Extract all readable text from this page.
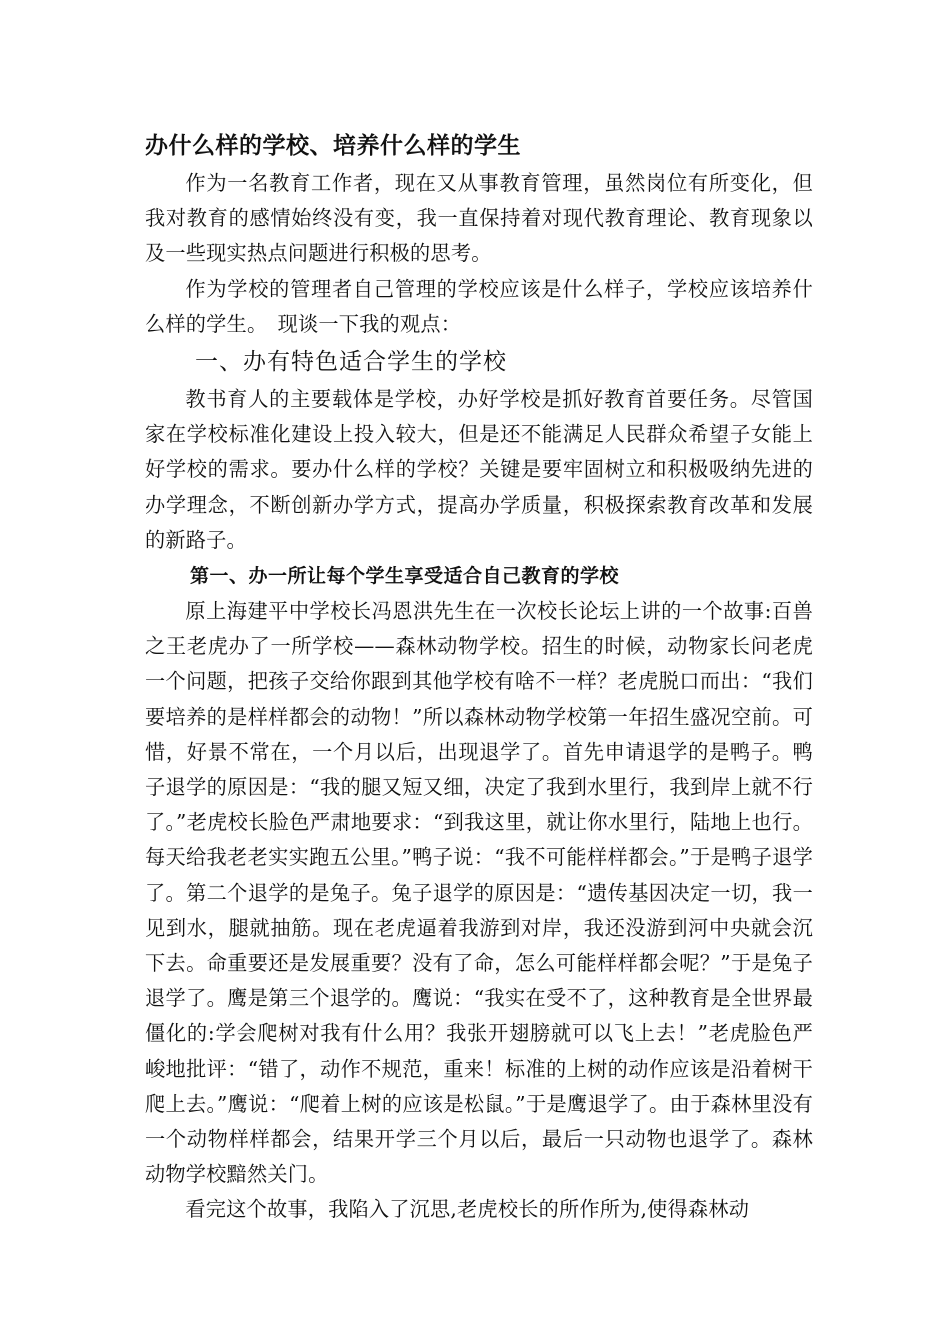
办什么样的学校、培养什么样的学生

作为一名教育工作者，现在又从事教育管理，虽然岗位有所变化，但我对教育的感情始终没有变，我一直保持着对现代教育理论、教育现象以及一些现实热点问题进行积极的思考。

作为学校的管理者自己管理的学校应该是什么样子，学校应该培养什么样的学生。　现谈一下我的观点：

一、办有特色适合学生的学校

教书育人的主要载体是学校，办好学校是抓好教育首要任务。尽管国家在学校标准化建设上投入较大，但是还不能满足人民群众希望子女能上好学校的需求。要办什么样的学校？关键是要牢固树立和积极吸纳先进的办学理念，不断创新办学方式，提高办学质量，积极探索教育改革和发展的新路子。

第一、办一所让每个学生享受适合自己教育的学校

原上海建平中学校长冯恩洪先生在一次校长论坛上讲的一个故事:百兽之王老虎办了一所学校——森林动物学校。招生的时候，动物家长问老虎一个问题，把孩子交给你跟到其他学校有啥不一样？老虎脱口而出：“我们要培养的是样样都会的动物！”所以森林动物学校第一年招生盛况空前。可惜，好景不常在，一个月以后，出现退学了。首先申请退学的是鸭子。鸭子退学的原因是：“我的腿又短又细，决定了我到水里行，我到岸上就不行了。”老虎校长脸色严肃地要求：“到我这里，就让你水里行，陆地上也行。每天给我老老实实跑五公里。”鸭子说：“我不可能样样都会。”于是鸭子退学了。第二个退学的是兔子。兔子退学的原因是：“遗传基因决定一切，我一见到水，腿就抽筋。现在老虎逼着我游到对岸，我还没游到河中央就会沉下去。命重要还是发展重要？没有了命，怎么可能样样都会呢？”于是兔子退学了。鹰是第三个退学的。鹰说：“我实在受不了，这种教育是全世界最僵化的:学会爬树对我有什么用？我张开翅膀就可以飞上去！”老虎脸色严峻地批评：“错了，动作不规范，重来！标准的上树的动作应该是沿着树干爬上去。”鹰说：“爬着上树的应该是松鼠。”于是鹰退学了。由于森林里没有一个动物样样都会，结果开学三个月以后，最后一只动物也退学了。森林动物学校黯然关门。

看完这个故事，我陷入了沉思,老虎校长的所作所为,使得森林动
